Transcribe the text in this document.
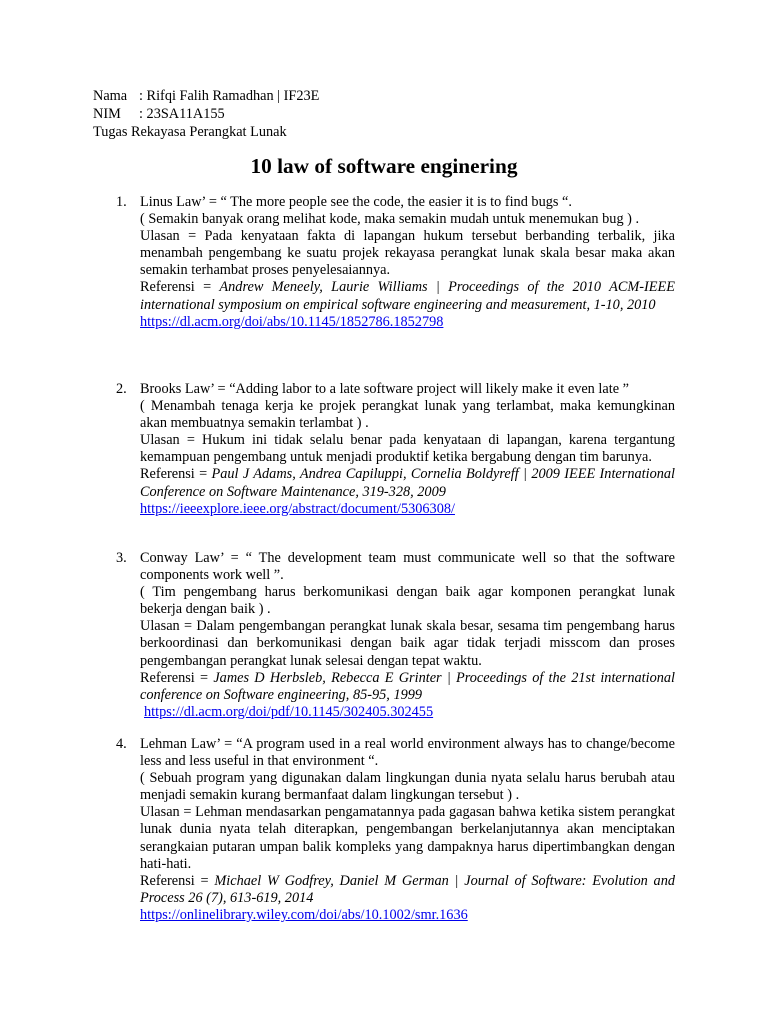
Nama : Rifqi Falih Ramadhan | IF23E
NIM : 23SA11A155
Tugas Rekayasa Perangkat Lunak
10 law of software enginering
1. Linus Law’ = “ The more people see the code, the easier it is to find bugs “.

( Semakin banyak orang melihat kode, maka semakin mudah untuk menemukan bug ) .

Ulasan = Pada kenyataan fakta di lapangan hukum tersebut berbanding terbalik, jika menambah pengembang ke suatu projek rekayasa perangkat lunak skala besar maka akan semakin terhambat proses penyelesaiannya.

Referensi = Andrew Meneely, Laurie Williams | Proceedings of the 2010 ACM-IEEE international symposium on empirical software engineering and measurement, 1-10, 2010

https://dl.acm.org/doi/abs/10.1145/1852786.1852798
2. Brooks Law’ = “Adding labor to a late software project will likely make it even late ”

( Menambah tenaga kerja ke projek perangkat lunak yang terlambat, maka kemungkinan akan membuatnya semakin terlambat ) .

Ulasan = Hukum ini tidak selalu benar pada kenyataan di lapangan, karena tergantung kemampuan pengembang untuk menjadi produktif ketika bergabung dengan tim barunya.

Referensi = Paul J Adams, Andrea Capiluppi, Cornelia Boldyreff | 2009 IEEE International Conference on Software Maintenance, 319-328, 2009

https://ieeexplore.ieee.org/abstract/document/5306308/
3. Conway Law’ = “ The development team must communicate well so that the software components work well ”.

( Tim pengembang harus berkomunikasi dengan baik agar komponen perangkat lunak bekerja dengan baik ) .

Ulasan = Dalam pengembangan perangkat lunak skala besar, sesama tim pengembang harus berkoordinasi dan berkomunikasi dengan baik agar tidak terjadi misscom dan proses pengembangan perangkat lunak selesai dengan tepat waktu.

Referensi = James D Herbsleb, Rebecca E Grinter | Proceedings of the 21st international conference on Software engineering, 85-95, 1999

https://dl.acm.org/doi/pdf/10.1145/302405.302455
4. Lehman Law’ = “A program used in a real world environment always has to change/become less and less useful in that environment “.

( Sebuah program yang digunakan dalam lingkungan dunia nyata selalu harus berubah atau menjadi semakin kurang bermanfaat dalam lingkungan tersebut ) .

Ulasan = Lehman mendasarkan pengamatannya pada gagasan bahwa ketika sistem perangkat lunak dunia nyata telah diterapkan, pengembangan berkelanjutannya akan menciptakan serangkaian putaran umpan balik kompleks yang dampaknya harus dipertimbangkan dengan hati-hati.

Referensi = Michael W Godfrey, Daniel M German | Journal of Software: Evolution and Process 26 (7), 613-619, 2014

https://onlinelibrary.wiley.com/doi/abs/10.1002/smr.1636
